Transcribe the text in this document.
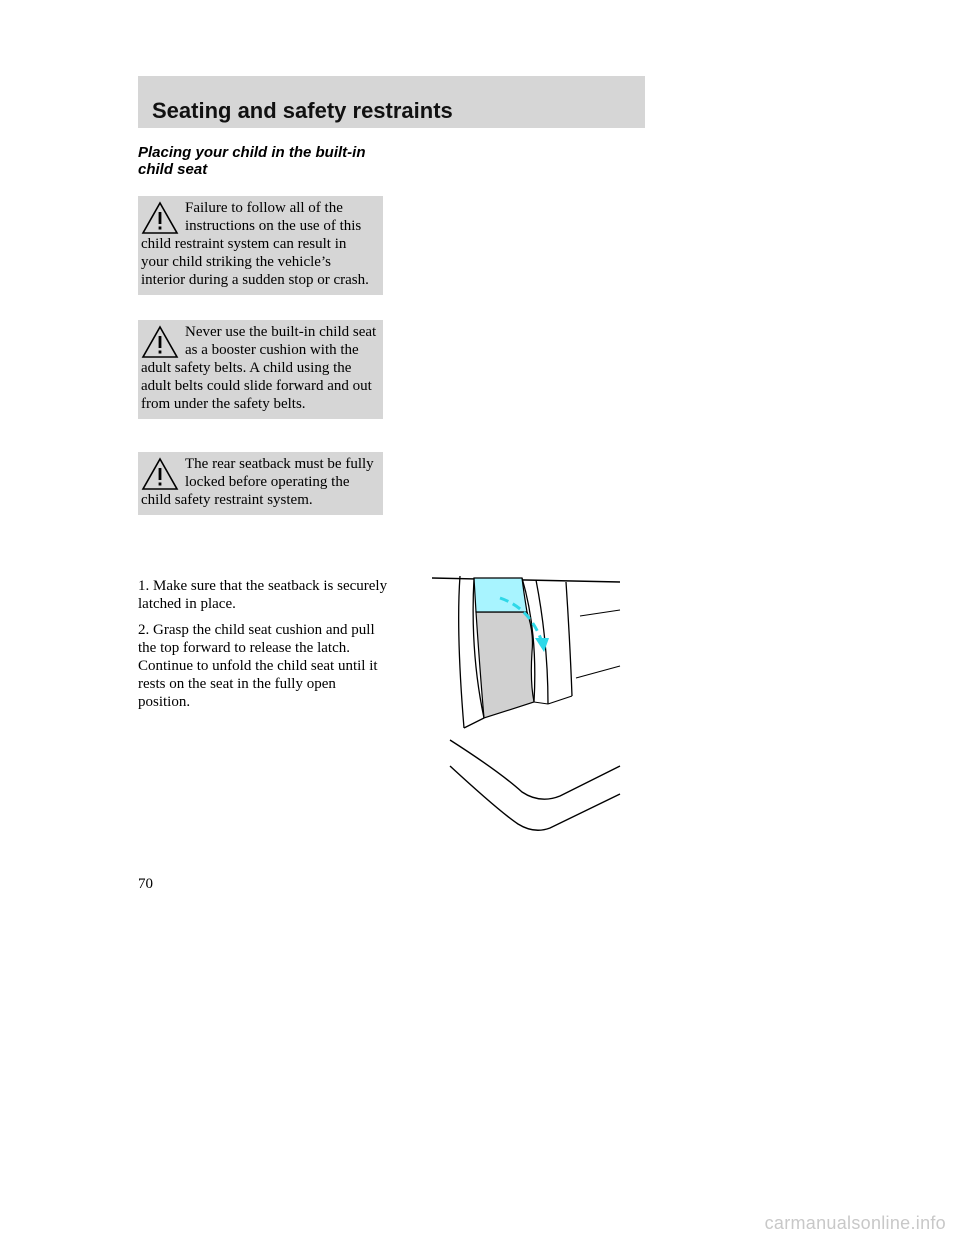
Seating and safety restraints
Placing your child in the built-in child seat
Failure to follow all of the instructions on the use of this child restraint system can result in your child striking the vehicle’s interior during a sudden stop or crash.
Never use the built-in child seat as a booster cushion with the adult safety belts. A child using the adult belts could slide forward and out from under the safety belts.
The rear seatback must be fully locked before operating the child safety restraint system.

1. Make sure that the seatback is securely latched in place.

2. Grasp the child seat cushion and pull the top forward to release the latch. Continue to unfold the child seat until it rests on the seat in the fully open position.

70
carmanualsonline.info
